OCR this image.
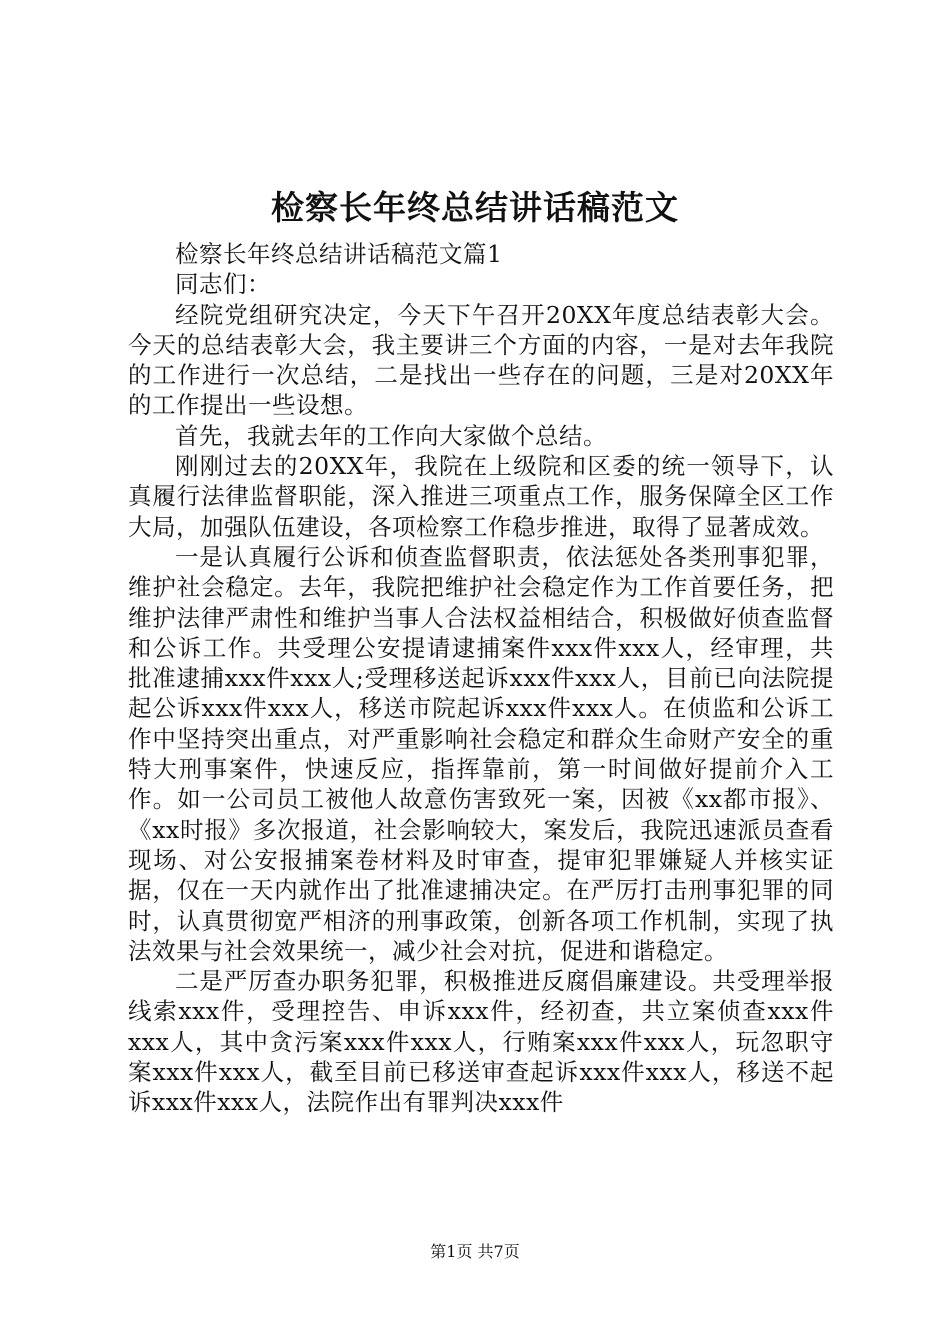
检察长年终总结讲话稿范文

检察长年终总结讲话稿范文篇1

同志们：

经院党组研究决定，今天下午召开20XX年度总结表彰大会。今天的总结表彰大会，我主要讲三个方面的内容，一是对去年我院的工作进行一次总结，二是找出一些存在的问题，三是对20XX年的工作提出一些设想。

首先，我就去年的工作向大家做个总结。

刚刚过去的20XX年，我院在上级院和区委的统一领导下，认真履行法律监督职能，深入推进三项重点工作，服务保障全区工作大局，加强队伍建设，各项检察工作稳步推进，取得了显著成效。

一是认真履行公诉和侦查监督职责，依法惩处各类刑事犯罪，维护社会稳定。去年，我院把维护社会稳定作为工作首要任务，把维护法律严肃性和维护当事人合法权益相结合，积极做好侦查监督和公诉工作。共受理公安提请逮捕案件xxx件xxx人，经审理，共批准逮捕xxx件xxx人;受理移送起诉xxx件xxx人，目前已向法院提起公诉xxx件xxx人，移送市院起诉xxx件xxx人。在侦监和公诉工作中坚持突出重点，对严重影响社会稳定和群众生命财产安全的重特大刑事案件，快速反应，指挥靠前，第一时间做好提前介入工作。如一公司员工被他人故意伤害致死一案，因被《xx都市报》、《xx时报》多次报道，社会影响较大，案发后，我院迅速派员查看现场、对公安报捕案卷材料及时审查，提审犯罪嫌疑人并核实证据，仅在一天内就作出了批准逮捕决定。在严厉打击刑事犯罪的同时，认真贯彻宽严相济的刑事政策，创新各项工作机制，实现了执法效果与社会效果统一，减少社会对抗，促进和谐稳定。

二是严厉查办职务犯罪，积极推进反腐倡廉建设。共受理举报线索xxx件，受理控告、申诉xxx件，经初查，共立案侦查xxx件xxx人，其中贪污案xxx件xxx人，行贿案xxx件xxx人，玩忽职守案xxx件xxx人，截至目前已移送审查起诉xxx件xxx人，移送不起诉xxx件xxx人，法院作出有罪判决xxx件

第1页 共7页
